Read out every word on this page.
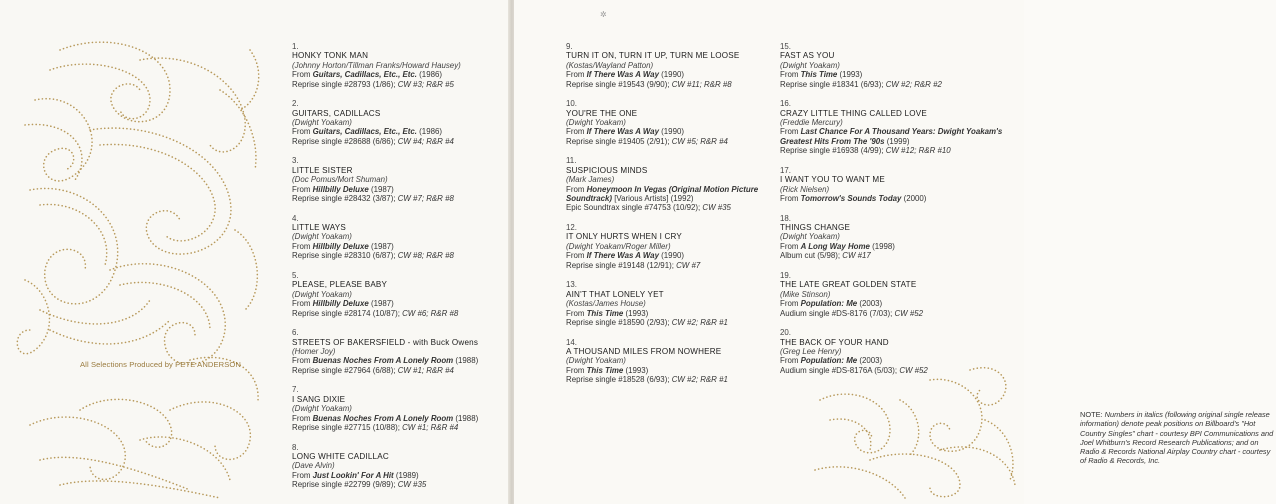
All Selections Produced by PETE ANDERSON
1.
HONKY TONK MAN
(Johnny Horton/Tillman Franks/Howard Hausey)
From Guitars, Cadillacs, Etc., Etc. (1986)
Reprise single #28793 (1/86); CW #3; R&R #5
2.
GUITARS, CADILLACS
(Dwight Yoakam)
From Guitars, Cadillacs, Etc., Etc. (1986)
Reprise single #28688 (6/86); CW #4; R&R #4
3.
LITTLE SISTER
(Doc Pomus/Mort Shuman)
From Hillbilly Deluxe (1987)
Reprise single #28432 (3/87); CW #7; R&R #8
4.
LITTLE WAYS
(Dwight Yoakam)
From Hillbilly Deluxe (1987)
Reprise single #28310 (6/87); CW #8; R&R #8
5.
PLEASE, PLEASE BABY
(Dwight Yoakam)
From Hillbilly Deluxe (1987)
Reprise single #28174 (10/87); CW #6; R&R #8
6.
STREETS OF BAKERSFIELD - with Buck Owens
(Homer Joy)
From Buenas Noches From A Lonely Room (1988)
Reprise single #27964 (6/88); CW #1; R&R #4
7.
I SANG DIXIE
(Dwight Yoakam)
From Buenas Noches From A Lonely Room (1988)
Reprise single #27715 (10/88); CW #1; R&R #4
8.
LONG WHITE CADILLAC
(Dave Alvin)
From Just Lookin' For A Hit (1989)
Reprise single #22799 (9/89); CW #35
9.
TURN IT ON, TURN IT UP, TURN ME LOOSE
(Kostas/Wayland Patton)
From If There Was A Way (1990)
Reprise single #19543 (9/90); CW #11; R&R #8
10.
YOU'RE THE ONE
(Dwight Yoakam)
From If There Was A Way (1990)
Reprise single #19405 (2/91); CW #5; R&R #4
11.
SUSPICIOUS MINDS
(Mark James)
From Honeymoon In Vegas (Original Motion Picture Soundtrack) [Various Artists] (1992)
Epic Soundtrax single #74753 (10/92); CW #35
12.
IT ONLY HURTS WHEN I CRY
(Dwight Yoakam/Roger Miller)
From If There Was A Way (1990)
Reprise single #19148 (12/91); CW #7
13.
AIN'T THAT LONELY YET
(Kostas/James House)
From This Time (1993)
Reprise single #18590 (2/93); CW #2; R&R #1
14.
A THOUSAND MILES FROM NOWHERE
(Dwight Yoakam)
From This Time (1993)
Reprise single #18528 (6/93); CW #2; R&R #1
15.
FAST AS YOU
(Dwight Yoakam)
From This Time (1993)
Reprise single #18341 (6/93); CW #2; R&R #2
16.
CRAZY LITTLE THING CALLED LOVE
(Freddie Mercury)
From Last Chance For A Thousand Years: Dwight Yoakam's Greatest Hits From The '90s (1999)
Reprise single #16938 (4/99); CW #12; R&R #10
17.
I WANT YOU TO WANT ME
(Rick Nielsen)
From Tomorrow's Sounds Today (2000)
18.
THINGS CHANGE
(Dwight Yoakam)
From A Long Way Home (1998)
Album cut (5/98); CW #17
19.
THE LATE GREAT GOLDEN STATE
(Mike Stinson)
From Population: Me (2003)
Audium single #DS-8176 (7/03); CW #52
20.
THE BACK OF YOUR HAND
(Greg Lee Henry)
From Population: Me (2003)
Audium single #DS-8176A (5/03); CW #52
NOTE: Numbers in italics (following original single release information) denote peak positions on Billboard's "Hot Country Singles" chart - courtesy BPI Communications and Joel Whitburn's Record Research Publications; and on Radio & Records National Airplay Country chart - courtesy of Radio & Records, Inc.
✲
